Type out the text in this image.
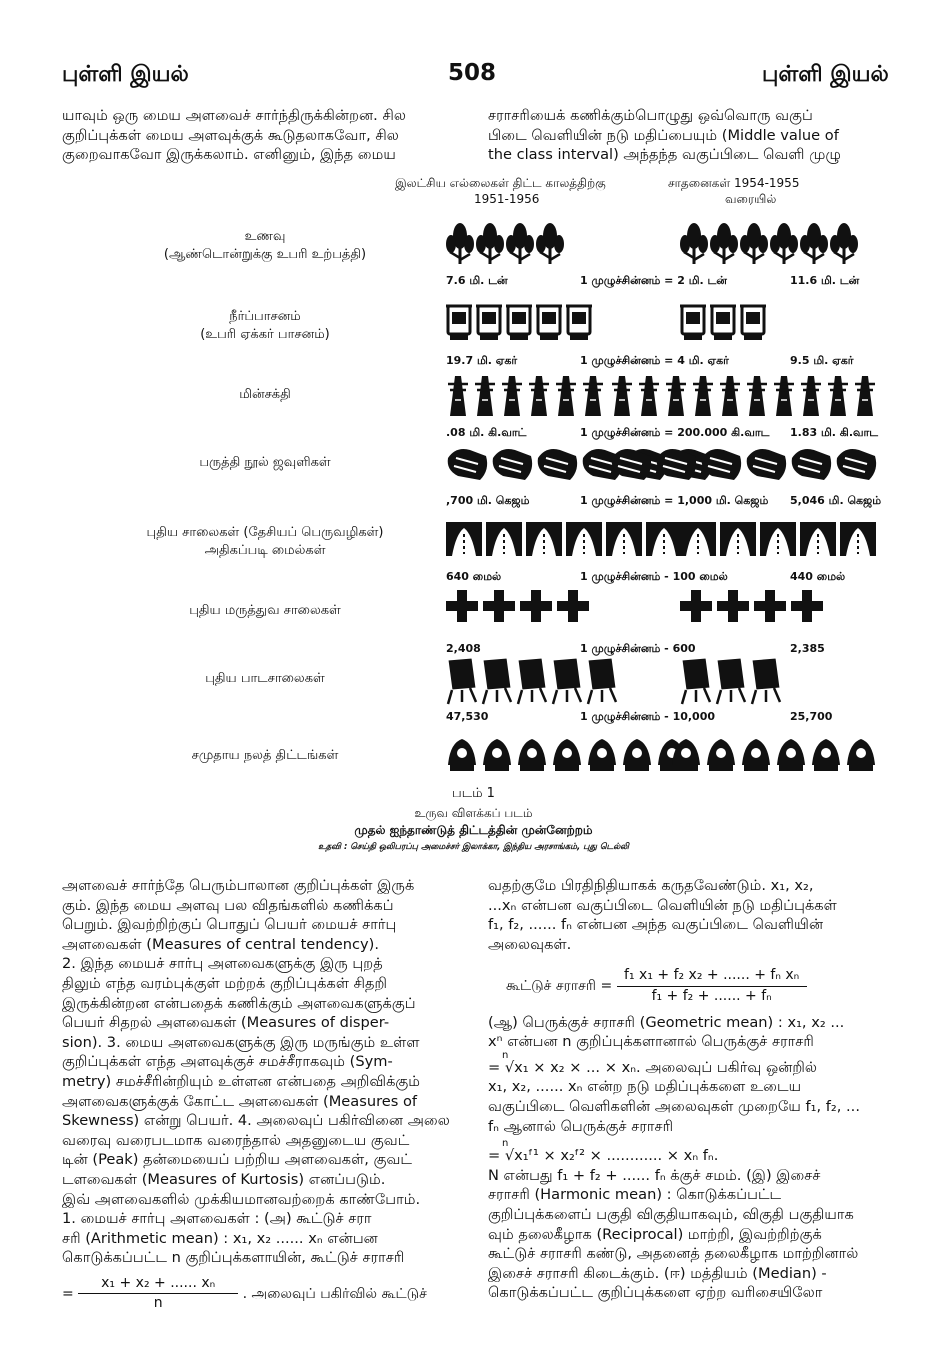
புள்ளி இயல்	508	புள்ளி இயல்
யாவும் ஒரு மைய அளவைச் சார்ந்திருக்கின்றன. சில
குறிப்புக்கள் மைய அளவுக்குக் கூடுதலாகவோ, சில
குறைவாகவோ இருக்கலாம். எனினும், இந்த மைய
சராசரியைக் கணிக்கும்பொழுது ஒவ்வொரு வகுப்
பிடை வெளியின் நடு மதிப்பையும் (Middle value of
the class interval) அந்தந்த வகுப்பிடை வெளி முழு
இலட்சிய எல்லைகள் திட்ட காலத்திற்கு
1951-1956
சாதனைகள் 1954-1955
வரையில்
உணவு
(ஆண்டொன்றுக்கு உபரி உற்பத்தி)
7.6 மி. டன்	1 முழுச்சின்னம் = 2 மி. டன்	11.6 மி. டன்
நீர்ப்பாசனம்
(உபரி ஏக்கர் பாசனம்)
19.7 மி. ஏகர்	1 முழுச்சின்னம் = 4 மி. ஏகர்	9.5 மி. ஏகர்
மின்சக்தி
.08 மி. கி.வாட்	1 முழுச்சின்னம் = 200.000 கி.வாட 1.83 மி. கி.வாட
பருத்தி நூல் ஜவுளிகள்
,700 மி. கெஜம்	1 முழுச்சின்னம் = 1,000 மி. கெஜம் 5,046 மி. கெஜம்
புதிய சாலைகள் (தேசியப் பெருவழிகள்)
அதிகப்படி மைல்கள்
640 மைல்	1 முழுச்சின்னம் - 100 மைல்	440 மைல்
புதிய மருத்துவ சாலைகள்
2,408	1 முழுச்சின்னம் - 600	2,385
புதிய பாடசாலைகள்
47,530	1 முழுச்சின்னம் - 10,000	25,700
சமுதாய நலத் திட்டங்கள்
படம் 1
உருவ விளக்கப் படம்
முதல் ஐந்தாண்டுத் திட்டத்தின் முன்னேற்றம்
உதவி : செய்தி ஒலிபரப்பு அமைச்சர் இலாக்கா, இந்திய அரசாங்கம், புது டெல்லி
அளவைச் சார்ந்தே பெரும்பாலான குறிப்புக்கள் இருக்
கும். இந்த மைய அளவு பல விதங்களில் கணிக்கப்
பெறும். இவற்றிற்குப் பொதுப் பெயர் மையச் சார்பு
அளவைகள் (Measures of central tendency).
2. இந்த மையச் சார்பு அளவைகளுக்கு இரு புறத்
திலும் எந்த வரம்புக்குள் மற்றக் குறிப்புக்கள் சிதறி
இருக்கின்றன என்பதைக் கணிக்கும் அளவைகளுக்குப்
பெயர் சிதறல் அளவைகள் (Measures of disper-
sion). 3. மைய அளவைகளுக்கு இரு மருங்கும் உள்ள
குறிப்புக்கள் எந்த அளவுக்குச் சமச்சீராகவும் (Sym-
metry) சமச்சீரின்றியும் உள்ளன என்பதை அறிவிக்கும்
அளவைகளுக்குக் கோட்ட அளவைகள் (Measures of
Skewness) என்று பெயர். 4. அலைவுப் பகிர்வினை அலை
வரைவு வரைபடமாக வரைந்தால் அதனுடைய குவட்
டின் (Peak) தன்மையைப் பற்றிய அளவைகள், குவட்
டளவைகள் (Measures of Kurtosis) எனப்படும்.
இவ் அளவைகளில் முக்கியமானவற்றைக் காண்போம்.
1. மையச் சார்பு அளவைகள் : (அ) கூட்டுச் சரா
சரி (Arithmetic mean) : x₁, x₂ ...... xₙ என்பன
கொடுக்கப்பட்ட n குறிப்புக்களாயின், கூட்டுச் சராசரி
= $\frac{\text{x₁ + x₂ + ...... xₙ}}{n}$ . அலைவுப் பகிர்வில் கூட்டுச்
வதற்குமே பிரதிநிதியாகக் கருதவேண்டும். x₁, x₂,
...xₙ என்பன வகுப்பிடை வெளியின் நடு மதிப்புக்கள்
f₁, f₂, ...... fₙ என்பன அந்த வகுப்பிடை வெளியின்
அலைவுகள்.
கூட்டுச் சராசரி = $\frac{\text{f₁ x₁ + f₂ x₂ + ...... + fₙ xₙ}}{\text{f₁ + f₂ + ...... + fₙ}}$
(ஆ) பெருக்குச் சராசரி (Geometric mean) : x₁, x₂ ...
xⁿ என்பன n குறிப்புக்களானால் பெருக்குச் சராசரி
n
= √x₁ × x₂ × ... × xₙ. அலைவுப் பகிர்வு ஒன்றில்
x₁, x₂, ...... xₙ என்ற நடு மதிப்புக்களை உடைய
வகுப்பிடை வெளிகளின் அலைவுகள் முறையே f₁, f₂, ...
fₙ ஆனால் பெருக்குச் சராசரி
n
= √x₁ᶠ¹ × x₂ᶠ² × ............ × xₙ fₙ.
N என்பது f₁ + f₂ + ...... fₙ க்குச் சமம். (இ) இசைச்
சராசரி (Harmonic mean) : கொடுக்கப்பட்ட
குறிப்புக்களைப் பகுதி விகுதியாகவும், விகுதி பகுதியாக
வும் தலைகீழாக (Reciprocal) மாற்றி, இவற்றிற்குக்
கூட்டுச் சராசரி கண்டு, அதனைத் தலைகீழாக மாற்றினால்
இசைச் சராசரி கிடைக்கும். (ஈ) மத்தியம் (Median) -
கொடுக்கப்பட்ட குறிப்புக்களை ஏற்ற வரிசையிலோ
